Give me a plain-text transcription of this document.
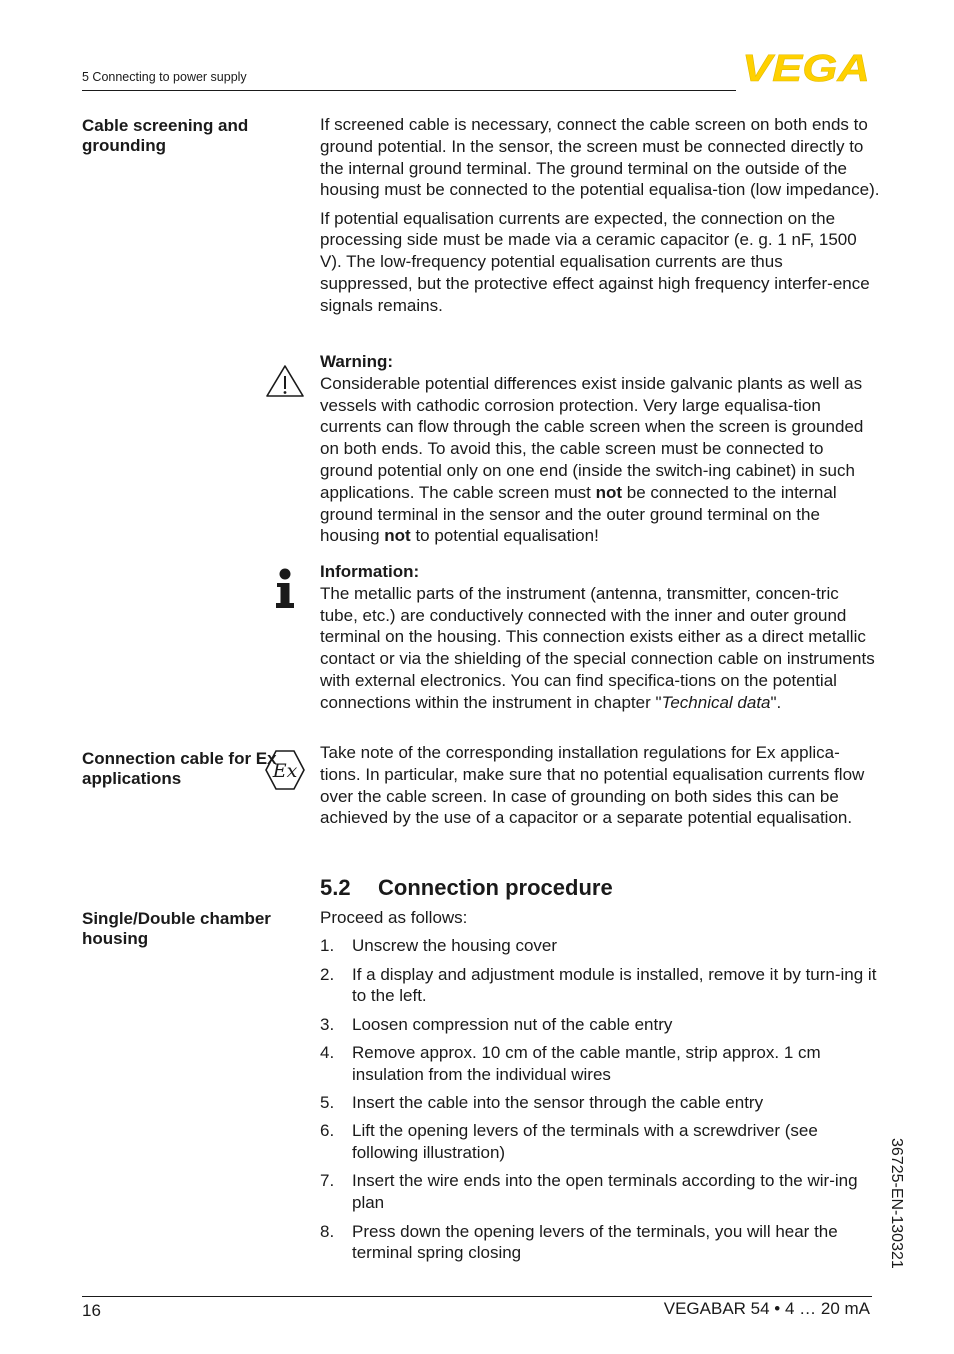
5 Connecting to power supply	VEGA
Cable screening and grounding

If screened cable is necessary, connect the cable screen on both ends to ground potential. In the sensor, the screen must be connected directly to the internal ground terminal. The ground terminal on the outside of the housing must be connected to the potential equalisa-tion (low impedance).

If potential equalisation currents are expected, the connection on the processing side must be made via a ceramic capacitor (e. g. 1 nF, 1500 V). The low-frequency potential equalisation currents are thus suppressed, but the protective effect against high frequency interfer-ence signals remains.

Warning:

Considerable potential differences exist inside galvanic plants as well as vessels with cathodic corrosion protection. Very large equalisa-tion currents can flow through the cable screen when the screen is grounded on both ends. To avoid this, the cable screen must be connected to ground potential only on one end (inside the switch-ing cabinet) in such applications. The cable screen must not be connected to the internal ground terminal in the sensor and the outer ground terminal on the housing not to potential equalisation!

Information:

The metallic parts of the instrument (antenna, transmitter, concen-tric tube, etc.) are conductively connected with the inner and outer ground terminal on the housing. This connection exists either as a direct metallic contact or via the shielding of the special connection cable on instruments with external electronics. You can find specifica-tions on the potential connections within the instrument in chapter "Technical data".

Connection cable for Ex applications	Ex
Take note of the corresponding installation regulations for Ex applica-tions. In particular, make sure that no potential equalisation currents flow over the cable screen. In case of grounding on both sides this can be achieved by the use of a capacitor or a separate potential equalisation.
5.2 Connection procedure
Single/Double chamber housing

Proceed as follows:

1. Unscrew the housing cover
2. If a display and adjustment module is installed, remove it by turn-ing it to the left.
3. Loosen compression nut of the cable entry
4. Remove approx. 10 cm of the cable mantle, strip approx. 1 cm insulation from the individual wires
5. Insert the cable into the sensor through the cable entry
6. Lift the opening levers of the terminals with a screwdriver (see following illustration)
7. Insert the wire ends into the open terminals according to the wir-ing plan
8. Press down the opening levers of the terminals, you will hear the terminal spring closing	36725-EN-130321
16	VEGABAR 54 • 4 … 20 mA
